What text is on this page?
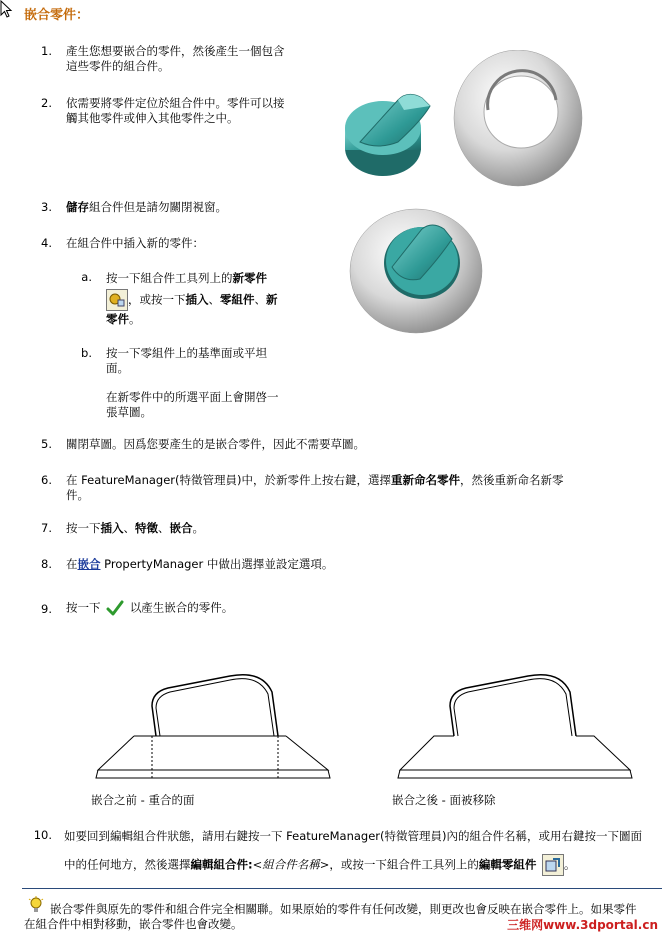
嵌合零件：
1. 產生您想要嵌合的零件，然後產生一個包含
這些零件的組合件。
2. 依需要將零件定位於組合件中。零件可以接
觸其他零件或伸入其他零件之中。
3. 儲存組合件但是請勿關閉視窗。
4. 在組合件中插入新的零件：
a. 按一下組合件工具列上的新零件
，或按一下插入、零組件、新
零件。
b. 按一下零組件上的基準面或平坦
面。
在新零件中的所選平面上會開啓一
張草圖。
5. 關閉草圖。因爲您要產生的是嵌合零件，因此不需要草圖。
6. 在 FeatureManager(特徵管理員)中，於新零件上按右鍵，選擇重新命名零件，然後重新命名新零
件。
7. 按一下插入、特徵、嵌合。
8. 在嵌合 PropertyManager 中做出選擇並設定選項。
9. 按一下	以產生嵌合的零件。
嵌合之前 - 重合的面	嵌合之後 - 面被移除
10. 如要回到編輯組合件狀態，請用右鍵按一下 FeatureManager(特徵管理員)內的組合件名稱，或用右鍵按一下圖面
中的任何地方，然後選擇編輯組合件:<組合件名稱>，或按一下組合件工具列上的編輯零組件 。
嵌合零件與原先的零件和組合件完全相關聯。如果原始的零件有任何改變，則更改也會反映在嵌合零件上。如果零件
在組合件中相對移動，嵌合零件也會改變。	三维网www.3dportal.cn
